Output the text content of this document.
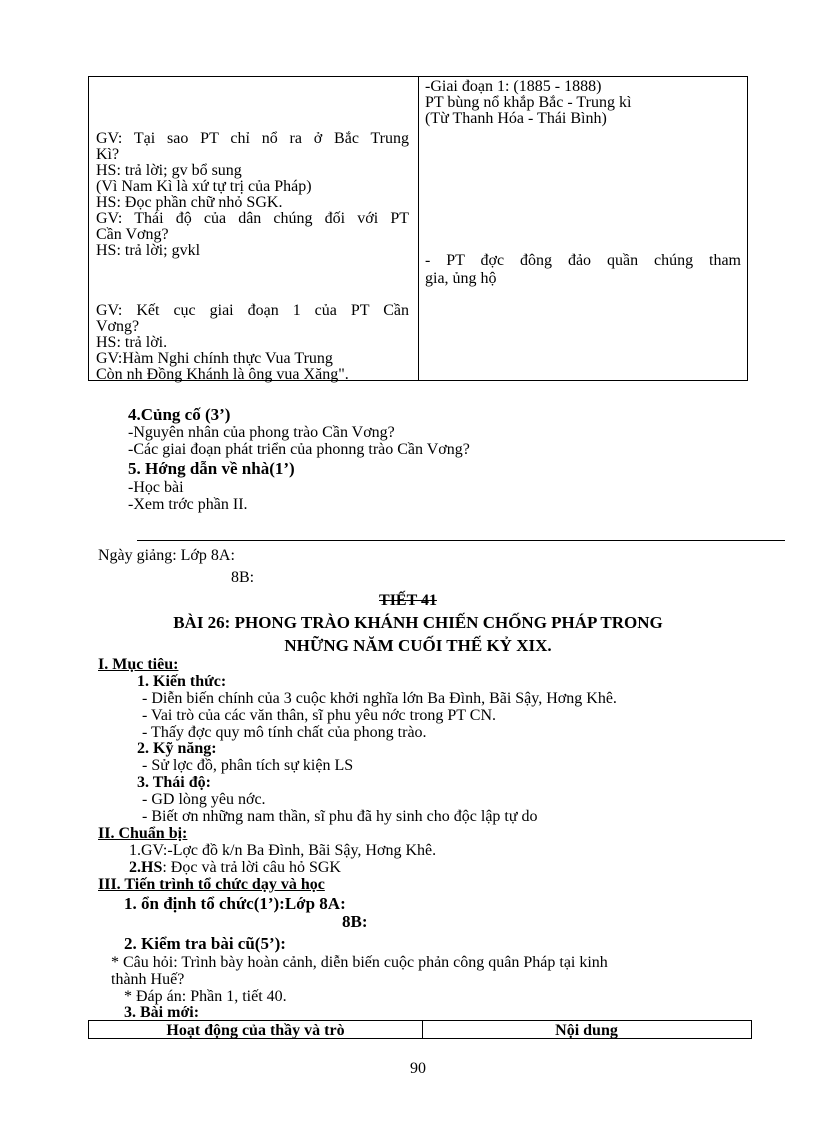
GV: Tại sao PT chỉ nổ ra ở Bắc Trung
Kì?
HS: trả lời; gv bổ sung
(Vì Nam Kì là xứ tự trị của Pháp)
HS: Đọc phần chữ nhỏ SGK.
GV: Thái độ của dân chúng đối với PT
Cần Vơng?
HS: trả lời; gvkl
GV: Kết cục giai đoạn 1 của PT Cần
Vơng?
HS: trả lời.
GV:Hàm Nghi chính thực Vua Trung
Còn nh Đồng Khánh là ông vua Xăng".
-Giai đoạn 1: (1885 - 1888)
PT bùng nổ khắp Bắc - Trung kì
(Từ Thanh Hóa - Thái Bình)
- PT đợc đông đảo quần chúng tham
gia, ủng hộ
4.Củng cố (3’)
-Nguyên nhân của phong trào Cần Vơng?
-Các giai đoạn phát triển của phonng trào Cần Vơng?
5. Hớng dẫn về nhà(1’)
-Học bài
-Xem trớc phần II.
Ngày giảng: Lớp 8A:
8B:
TIẾT 41
BÀI 26: PHONG TRÀO KHÁNH CHIẾN CHỐNG PHÁP TRONG
NHỮNG NĂM CUỐI THẾ KỶ XIX.
I. Mục tiêu:
1. Kiến thức:
- Diễn biến chính của 3 cuộc khởi nghĩa lớn Ba Đình, Bãi Sậy, Hơng Khê.
- Vai trò của các văn thân, sĩ phu yêu nớc trong PT CN.
- Thấy đợc quy mô tính chất của phong trào.
2. Kỹ năng:
- Sử lợc đồ, phân tích sự kiện LS
3. Thái độ:
- GD lòng yêu nớc.
- Biết ơn những nam thần, sĩ phu đã hy sinh cho độc lập tự do
II. Chuẩn bị:
1.GV:-Lợc đồ k/n Ba Đình, Bãi Sậy, Hơng Khê.
2.HS: Đọc và trả lời câu hỏ SGK
III. Tiến trình tổ chức dạy và học
1. ổn định tổ chức(1’):Lớp 8A:
8B:
2. Kiểm tra bài cũ(5’):
* Câu hỏi: Trình bày hoàn cảnh, diễn biến cuộc phản công quân Pháp tại kinh
thành Huế?
* Đáp án: Phần 1, tiết 40.
3. Bài mới:
Hoạt động của thầy và trò	Nội dung
90
